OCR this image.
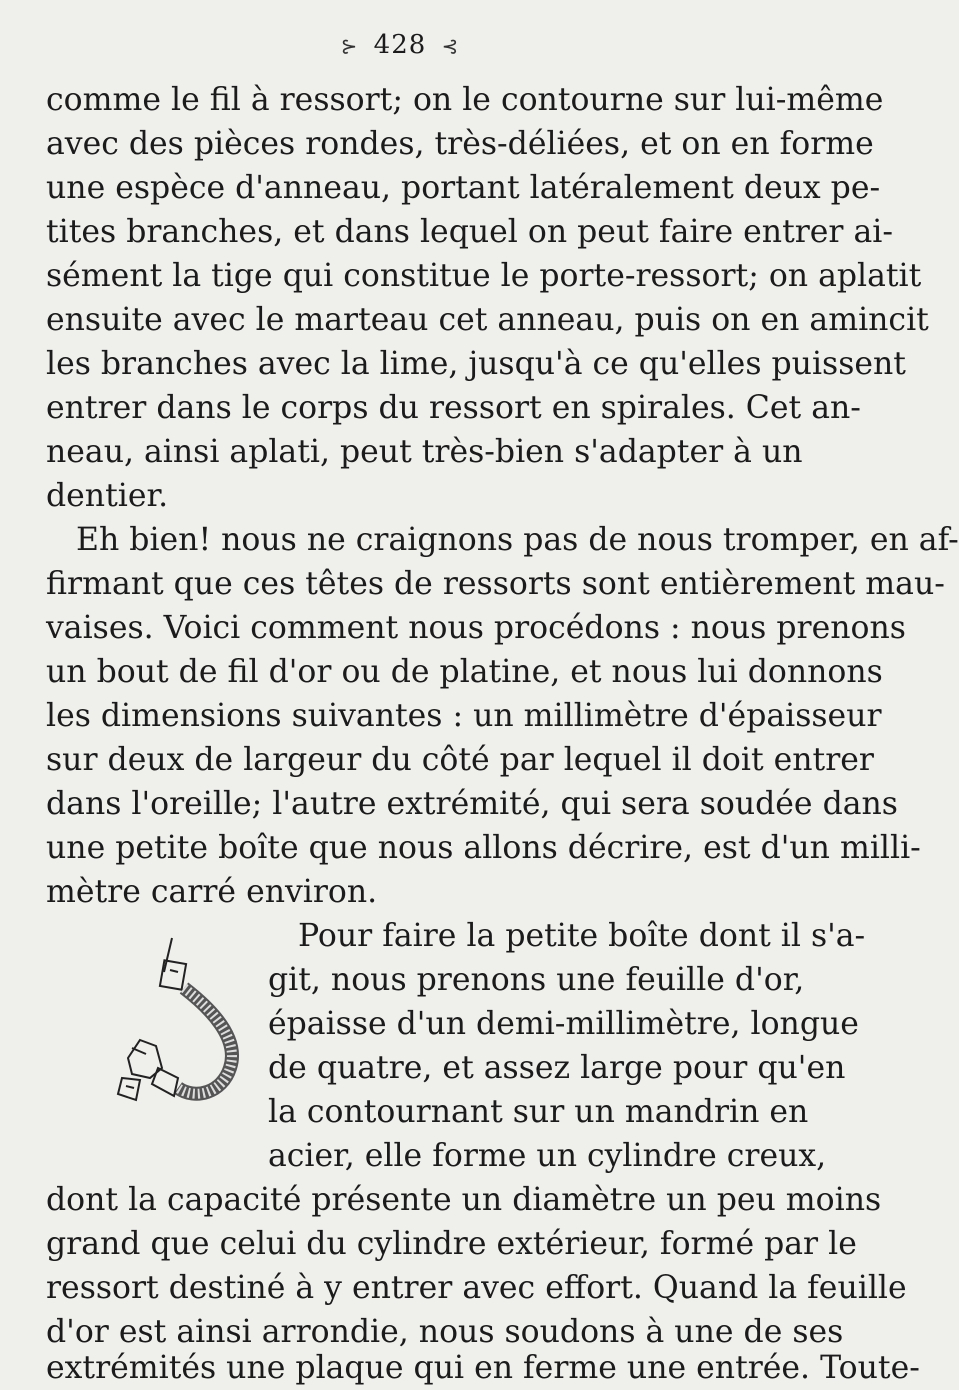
⊱ 428 ⊰
comme le fil à ressort; on le contourne sur lui-même
avec des pièces rondes, très-déliées, et on en forme
une espèce d'anneau, portant latéralement deux pe-
tites branches, et dans lequel on peut faire entrer ai-
sément la tige qui constitue le porte-ressort; on aplatit
ensuite avec le marteau cet anneau, puis on en amincit
les branches avec la lime, jusqu'à ce qu'elles puissent
entrer dans le corps du ressort en spirales. Cet an-
neau, ainsi aplati, peut très-bien s'adapter à un
dentier.
Eh bien! nous ne craignons pas de nous tromper, en af-
firmant que ces têtes de ressorts sont entièrement mau-
vaises. Voici comment nous procédons : nous prenons
un bout de fil d'or ou de platine, et nous lui donnons
les dimensions suivantes : un millimètre d'épaisseur
sur deux de largeur du côté par lequel il doit entrer
dans l'oreille; l'autre extrémité, qui sera soudée dans
une petite boîte que nous allons décrire, est d'un milli-
mètre carré environ.
Pour faire la petite boîte dont il s'a-
git, nous prenons une feuille d'or,
épaisse d'un demi-millimètre, longue
de quatre, et assez large pour qu'en
la contournant sur un mandrin en
acier, elle forme un cylindre creux,
dont la capacité présente un diamètre un peu moins
grand que celui du cylindre extérieur, formé par le
ressort destiné à y entrer avec effort. Quand la feuille
d'or est ainsi arrondie, nous soudons à une de ses
extrémités une plaque qui en ferme une entrée. Toute-
